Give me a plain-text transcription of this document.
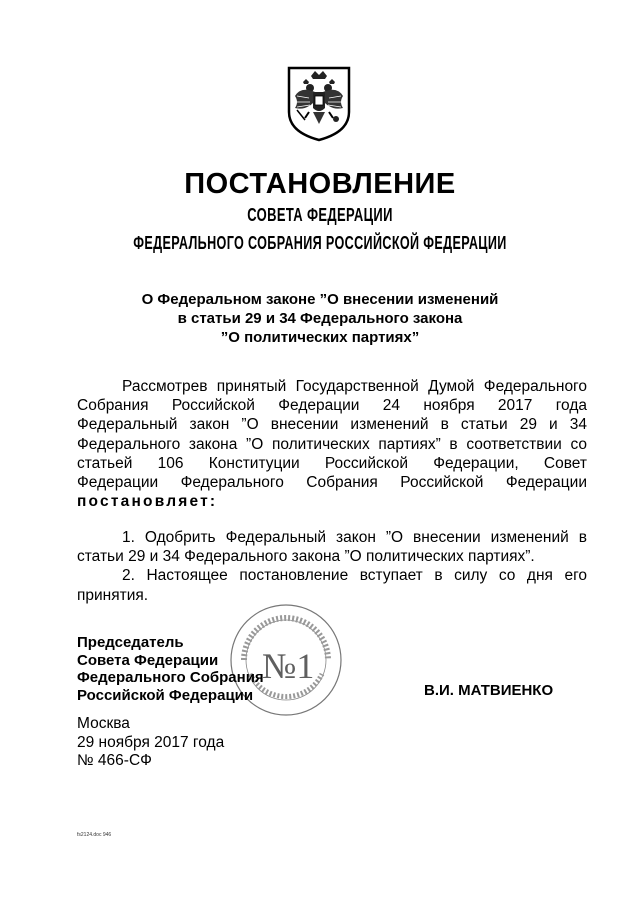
ПОСТАНОВЛЕНИЕ
СОВЕТА ФЕДЕРАЦИИ
ФЕДЕРАЛЬНОГО СОБРАНИЯ РОССИЙСКОЙ ФЕДЕРАЦИИ
О Федеральном законе ”О внесении изменений
в статьи 29 и 34 Федерального закона
”О политических партиях”
Рассмотрев принятый Государственной Думой Федерального
Собрания Российской Федерации 24 ноября 2017 года
Федеральный закон ”О внесении изменений в статьи 29 и 34
Федерального закона ”О политических партиях” в соответствии со
статьей 106 Конституции Российской Федерации, Совет
Федерации Федерального Собрания Российской Федерации
постановляет:
1. Одобрить Федеральный закон ”О внесении изменений в
статьи 29 и 34 Федерального закона ”О политических партиях”.
2. Настоящее постановление вступает в силу со дня его
принятия.
Председатель
Совета Федерации
Федерального Собрания
Российской Федерации
№1
В.И. МАТВИЕНКО
Москва
29 ноября 2017 года
№ 466-СФ
fs2124.doc 946
